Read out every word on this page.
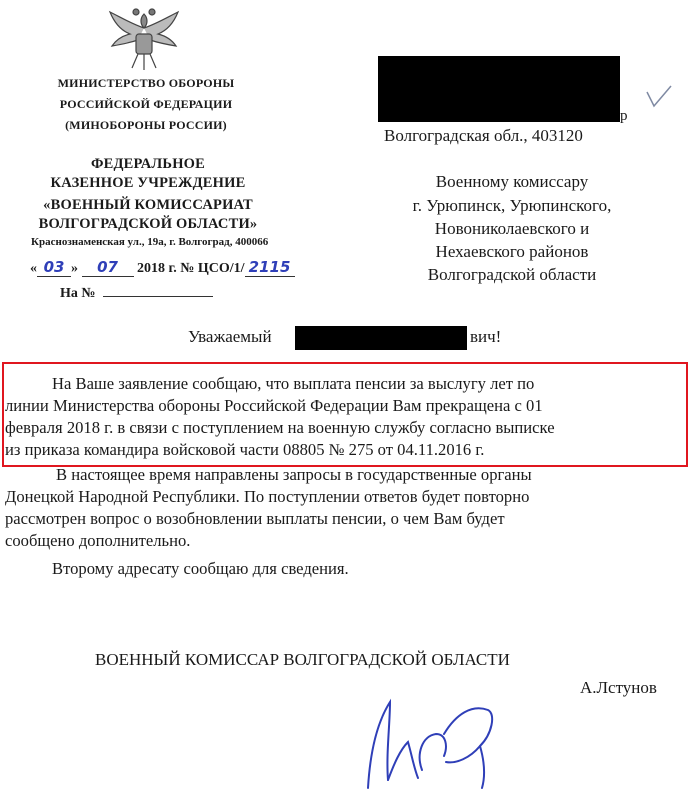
МИНИСТЕРСТВО ОБОРОНЫ
РОССИЙСКОЙ ФЕДЕРАЦИИ
(МИНОБОРОНЫ РОССИИ)
ФЕДЕРАЛЬНОЕ
КАЗЕННОЕ УЧРЕЖДЕНИЕ
«ВОЕННЫЙ КОМИССАРИАТ
ВОЛГОГРАДСКОЙ ОБЛАСТИ»
Краснознаменская ул., 19а, г. Волгоград, 400066
« 03 » 07 2018 г. № ЦСО/1/ 2115
На №
р
Волгоградская обл., 403120
Военному комиссару
г. Урюпинск, Урюпинского,
Новониколаевского и
Нехаевского районов
Волгоградской области
Уважаемый	вич!
На Ваше заявление сообщаю, что выплата пенсии за выслугу лет по
линии Министерства обороны Российской Федерации Вам прекращена с 01
февраля 2018 г. в связи с поступлением на военную службу согласно выписке
из приказа командира войсковой части 08805 № 275 от 04.11.2016 г.
В настоящее время направлены запросы в государственные органы
Донецкой Народной Республики. По поступлении ответов будет повторно
рассмотрен вопрос о возобновлении выплаты пенсии, о чем Вам будет
сообщено дополнительно.
Второму адресату сообщаю для сведения.
ВОЕННЫЙ КОМИССАР ВОЛГОГРАДСКОЙ ОБЛАСТИ
А.Лстунов
